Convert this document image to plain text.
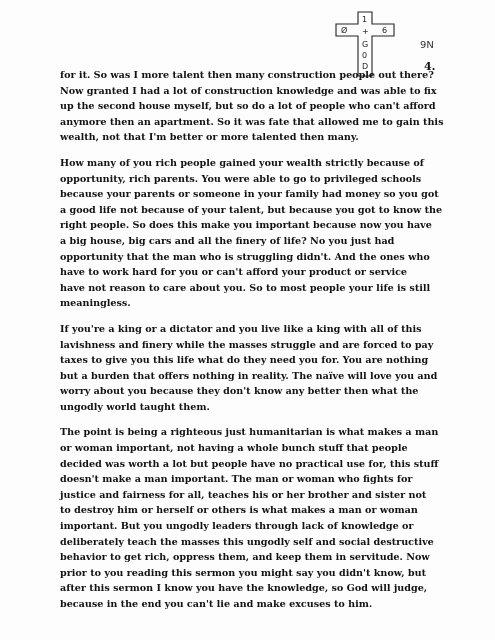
1
Ø + 6
G
0
D
9N
4.

for it. So was I more talent then many construction people out there?
Now granted I had a lot of construction knowledge and was able to fix
up the second house myself, but so do a lot of people who can't afford
anymore then an apartment. So it was fate that allowed me to gain this
wealth, not that I'm better or more talented then many.

How many of you rich people gained your wealth strictly because of
opportunity, rich parents. You were able to go to privileged schools
because your parents or someone in your family had money so you got
a good life not because of your talent, but because you got to know the
right people. So does this make you important because now you have
a big house, big cars and all the finery of life? No you just had
opportunity that the man who is struggling didn't. And the ones who
have to work hard for you or can't afford your product or service
have not reason to care about you. So to most people your life is still
meaningless.

If you're a king or a dictator and you live like a king with all of this
lavishness and finery while the masses struggle and are forced to pay
taxes to give you this life what do they need you for. You are nothing
but a burden that offers nothing in reality. The naïve will love you and
worry about you because they don't know any better then what the
ungodly world taught them.

The point is being a righteous just humanitarian is what makes a man
or woman important, not having a whole bunch stuff that people
decided was worth a lot but people have no practical use for, this stuff
doesn't make a man important. The man or woman who fights for
justice and fairness for all, teaches his or her brother and sister not
to destroy him or herself or others is what makes a man or woman
important. But you ungodly leaders through lack of knowledge or
deliberately teach the masses this ungodly self and social destructive
behavior to get rich, oppress them, and keep them in servitude. Now
prior to you reading this sermon you might say you didn't know, but
after this sermon I know you have the knowledge, so God will judge,
because in the end you can't lie and make excuses to him.
